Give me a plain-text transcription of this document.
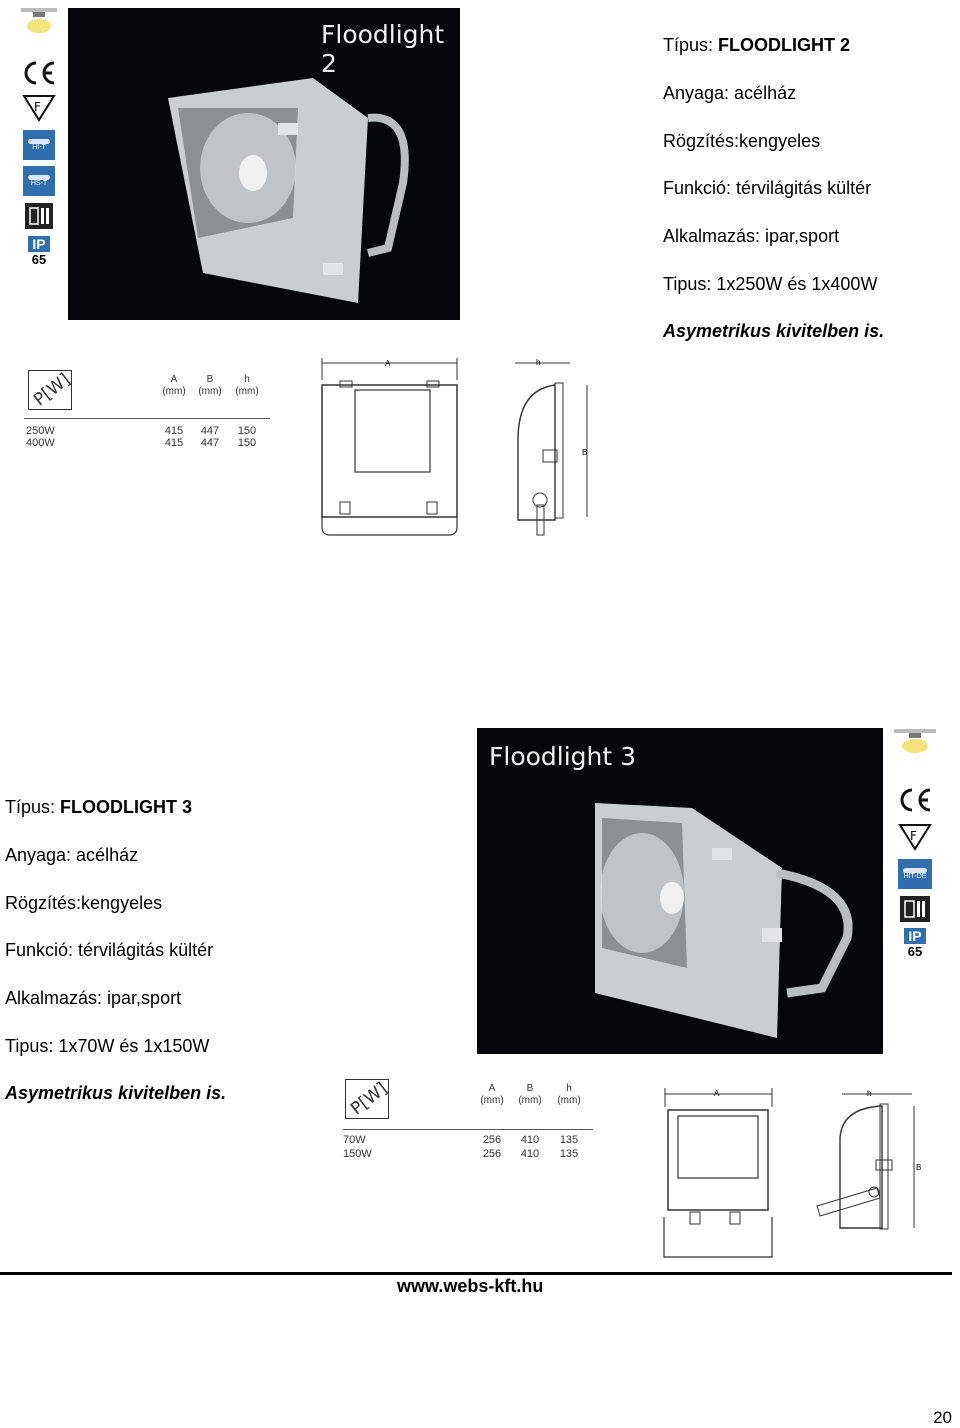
F
HI-T
HS-T
IP
65
Floodlight 2

Típus: FLOODLIGHT 2

Anyaga: acélház

Rögzítés:kengyeles

Funkció: térvilágitás kültér

Alkalmazás: ipar,sport

Tipus: 1x250W és 1x400W

Asymetrikus kivitelben is.

P[W]	A
(mm)
B
(mm)
h
(mm)
250W	415	447	150
400W	415	447	150
A	h
B

Típus: FLOODLIGHT 3

Anyaga: acélház

Rögzítés:kengyeles

Funkció: térvilágitás kültér

Alkalmazás: ipar,sport

Tipus: 1x70W és 1x150W

Asymetrikus kivitelben is.

Floodlight 3
F
HIT-DE
IP
65
P[W]	A
(mm)
B
(mm)
h
(mm)
70W	256	410	135
150W	256	410	135
A	h
B
www.webs-kft.hu
20
